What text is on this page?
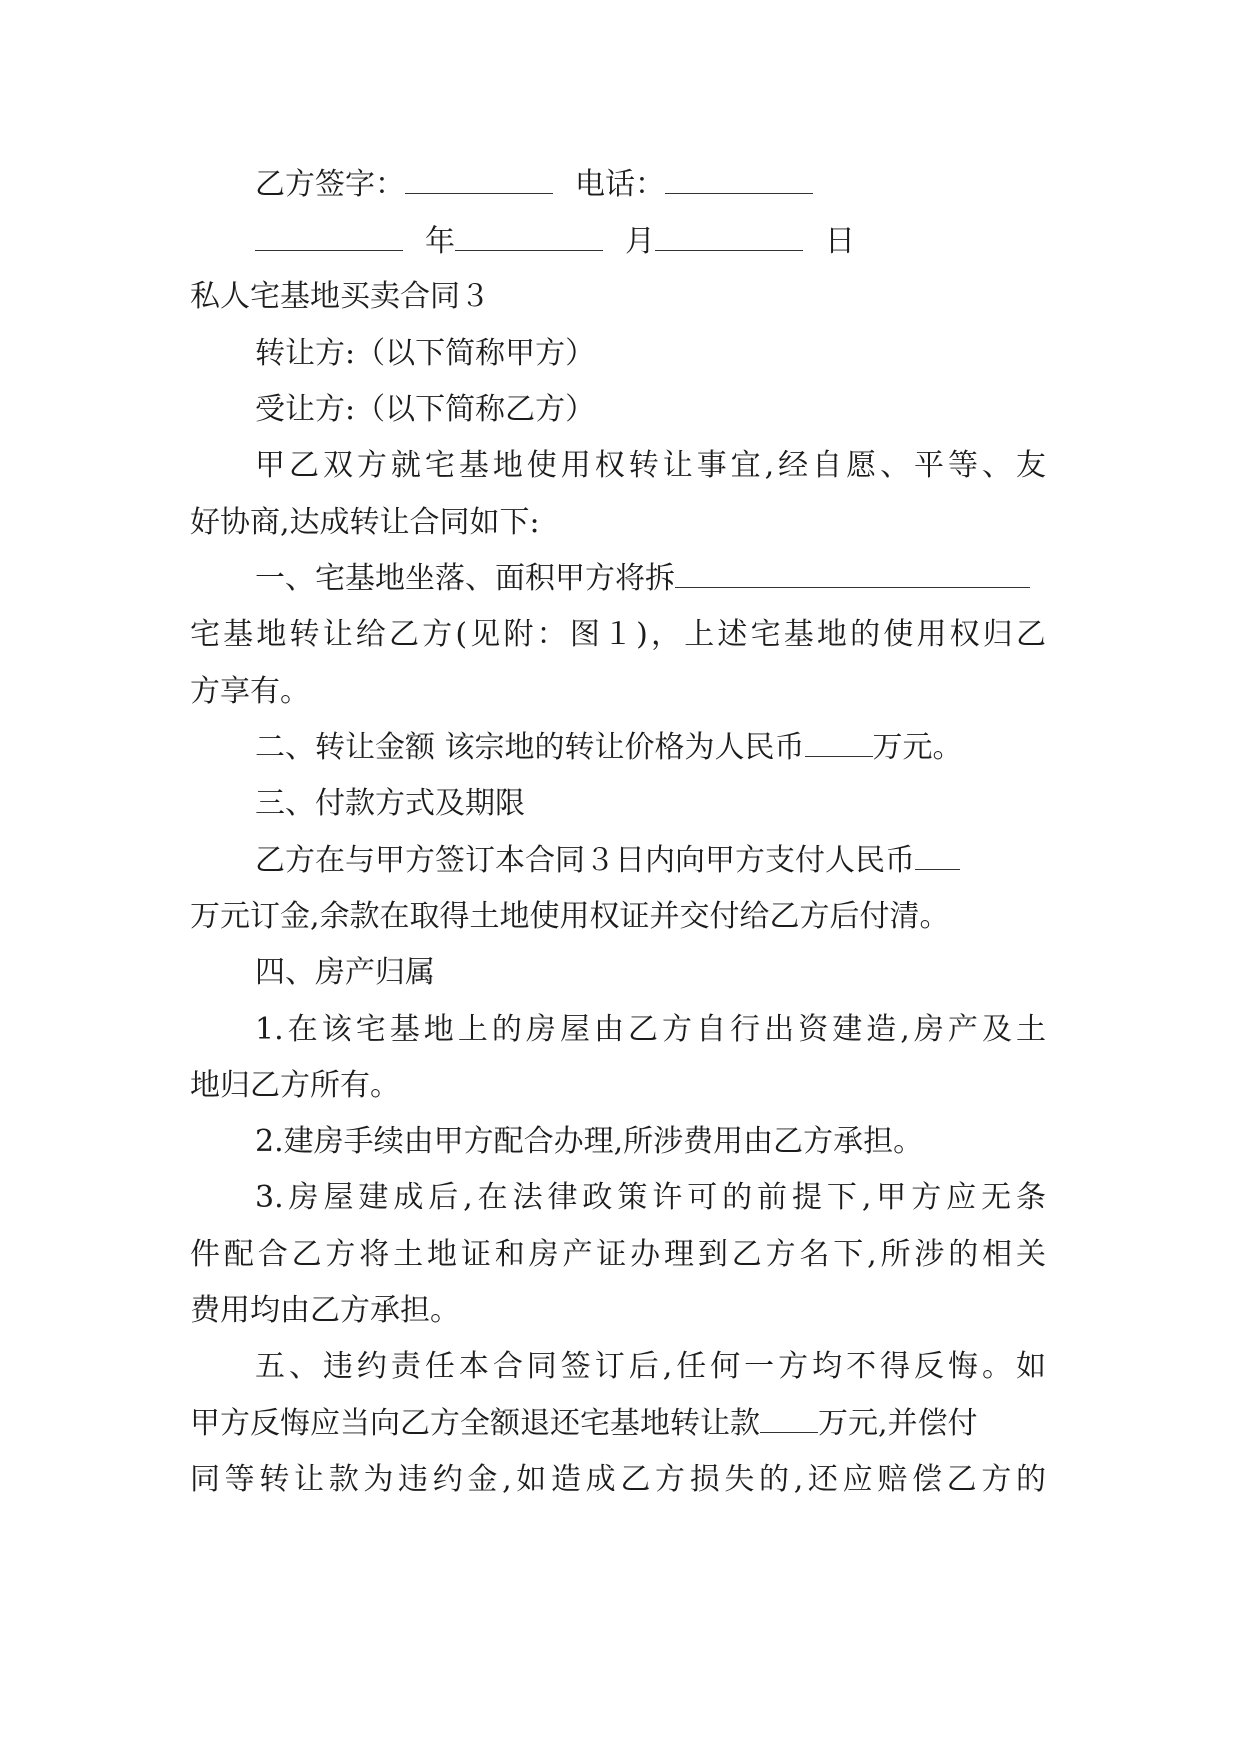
乙方签字：	电话：
年	月	日
私人宅基地买卖合同３
转让方:（以下简称甲方）
受让方:（以下简称乙方）
甲乙双方就宅基地使用权转让事宜,经自愿、平等、友
好协商,达成转让合同如下:
一、宅基地坐落、面积甲方将拆
宅基地转让给乙方(见附：图１)，上述宅基地的使用权归乙
方享有。
二、转让金额 该宗地的转让价格为人民币 万元。
三、付款方式及期限
乙方在与甲方签订本合同３日内向甲方支付人民币
万元订金,余款在取得土地使用权证并交付给乙方后付清。
四、房产归属
1.在该宅基地上的房屋由乙方自行出资建造,房产及土
地归乙方所有。
2.建房手续由甲方配合办理,所涉费用由乙方承担。
3.房屋建成后,在法律政策许可的前提下,甲方应无条
件配合乙方将土地证和房产证办理到乙方名下,所涉的相关
费用均由乙方承担。
五、违约责任本合同签订后,任何一方均不得反悔。如
甲方反悔应当向乙方全额退还宅基地转让款 万元,并偿付
同等转让款为违约金,如造成乙方损失的,还应赔偿乙方的
